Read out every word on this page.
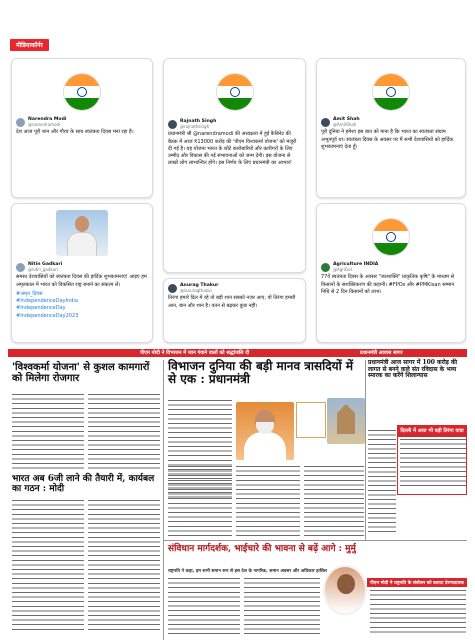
मीडियाकॉर्नर
Narendra Modi
@narendramodi
देश आज पूरी शान और गौरव के साथ स्वतंत्रता दिवस मना रहा है।
Rajnath Singh
@rajnathsingh
प्रधानमंत्री श्री @narendramodi की अध्यक्षता में हुई कैबिनेट की बैठक में आज ₹13000 करोड़ की 'पीएम विश्वकर्मा योजना' को मंजूरी दी गई है। यह योजना भारत के छोटे कारोबारियों और कारीगरों के लिए उम्मीद और विकास की नई संभावनाओं को जन्म देगी। इस योजना से लाखों लोग लाभान्वित होंगे। इस निर्णय के लिए प्रधानमंत्री का आभार!
Amit Shah
@AmitShah
पूरी दुनिया ने हमेशा इस बात को माना है कि भारत का स्वतंत्रता संग्राम अभूतपूर्व था। स्वतंत्रता दिवस के अवसर पर मैं सभी देशवासियों को हार्दिक शुभकामनाएं देता हूँ।
Nitin Gadkari
@nitin_gadkari
समस्त देशवासियों को स्वतंत्रता दिवस की हार्दिक शुभकामनाएं! आइए हम अमृतकाल में भारत को विकसित राष्ट्र बनाने का संकल्प लें।
#अमृत_दिवस
#IndependenceDayIndia
#IndependenceDay
#IndependenceDay2023
Anurag Thakur
@ianuragthakur
तिरंगा हमारे दिल में रहे तो बड़ी शान सबको नज़र आए, वो तिरंगा हमारी आन, बान और शान है। वतन से बढ़कर कुछ नहीं।
Agriculture INDIA
@AgriGoI
77वें स्वतंत्रता दिवस के अवसर "जलशक्ति" प्राकृतिक कृषि" के माध्यम से किसानों के सशक्तिकरण की कहानी। #FPOs और #PMKisan सम्मान निधि से 2 दिन किसानों को लाभ।
पीएम मोदी ने विभाजन में जान गंवाने वालों को श्रद्धांजलि दी	प्रधानमंत्री आवास सागर
'विश्वकर्मा योजना' से कुशल कामगारों को मिलेगा रोजगार
भारत अब 6जी लाने की तैयारी में, कार्यबल का गठन : मोदी
विभाजन दुनिया की बड़ी मानव त्रासदियों में से एक : प्रधानमंत्री
प्रधानमंत्री आज सागर में 100 करोड़ की लागत से बनने वाले संत रविदास के भव्य स्मारक का करेंगे शिलान्यास
दिल्ली में आज भी बड़ी तिरंगा यात्रा
संविधान मार्गदर्शक, भाईचारे की भावना से बढ़ें आगे : मुर्मु
राष्ट्रपति ने कहा, हम सभी समान रूप से इस देश के नागरिक, समान अवसर और अधिकार हासिल
पीएम मोदी ने राष्ट्रपति के संबोधन को बताया प्रेरणादायक
